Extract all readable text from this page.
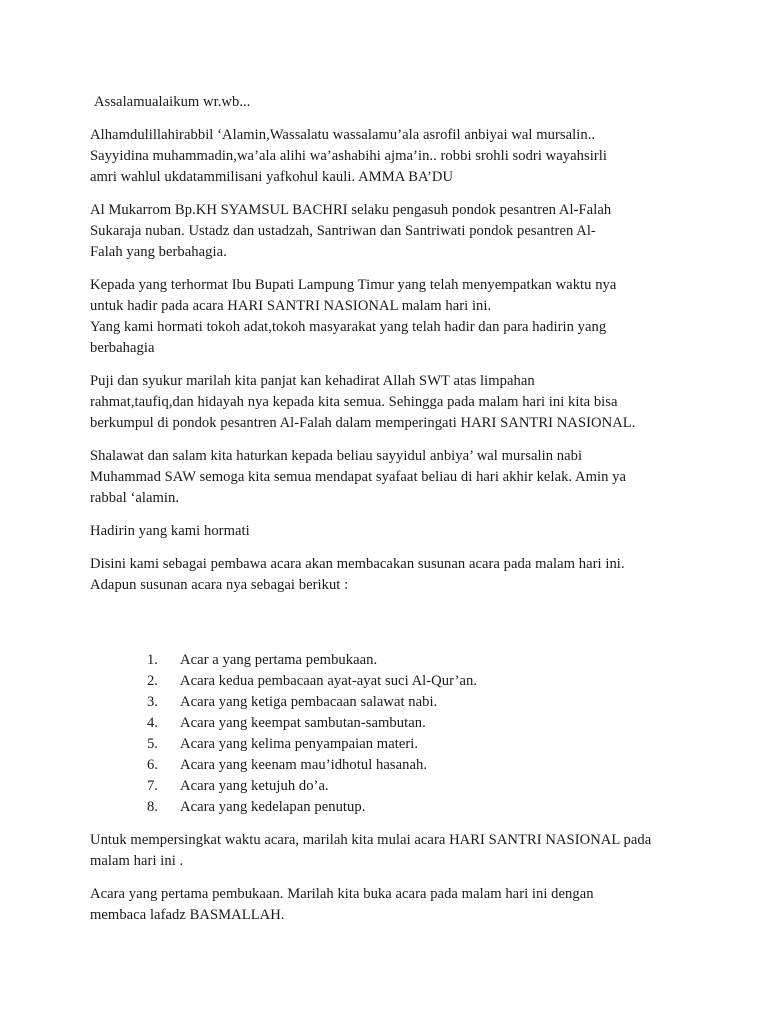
Assalamualaikum wr.wb...
Alhamdulillahirabbil ‘Alamin,Wassalatu wassalamu’ala asrofil anbiyai wal mursalin..
Sayyidina muhammadin,wa’ala alihi wa’ashabihi ajma’in.. robbi srohli sodri wayahsirli
amri wahlul ukdatammilisani yafkohul kauli. AMMA BA’DU
Al Mukarrom Bp.KH SYAMSUL BACHRI selaku pengasuh pondok pesantren Al-Falah
Sukaraja nuban. Ustadz dan ustadzah, Santriwan dan Santriwati pondok pesantren Al-
Falah yang berbahagia.
Kepada yang terhormat Ibu Bupati Lampung Timur yang telah menyempatkan waktu nya
untuk hadir pada acara HARI SANTRI NASIONAL malam hari ini.
Yang kami hormati tokoh adat,tokoh masyarakat yang telah hadir dan para hadirin yang
berbahagia
Puji dan syukur marilah kita panjat kan kehadirat Allah SWT atas limpahan
rahmat,taufiq,dan hidayah nya kepada kita semua. Sehingga pada malam hari ini kita bisa
berkumpul di pondok pesantren Al-Falah dalam memperingati HARI SANTRI NASIONAL.
Shalawat dan salam kita haturkan kepada beliau sayyidul anbiya’ wal mursalin nabi
Muhammad SAW semoga kita semua mendapat syafaat beliau di hari akhir kelak. Amin ya
rabbal ‘alamin.
Hadirin yang kami hormati
Disini kami sebagai pembawa acara akan membacakan susunan acara pada malam hari ini.
Adapun susunan acara nya sebagai berikut :
1. Acar a yang pertama pembukaan.
2. Acara kedua pembacaan ayat-ayat suci Al-Qur’an.
3. Acara yang ketiga pembacaan salawat nabi.
4. Acara yang keempat sambutan-sambutan.
5. Acara yang kelima penyampaian materi.
6. Acara yang keenam mau’idhotul hasanah.
7. Acara yang ketujuh do’a.
8. Acara yang kedelapan penutup.
Untuk mempersingkat waktu acara, marilah kita mulai acara HARI SANTRI NASIONAL pada
malam hari ini .
Acara yang pertama pembukaan. Marilah kita buka acara pada malam hari ini dengan
membaca lafadz BASMALLAH.
